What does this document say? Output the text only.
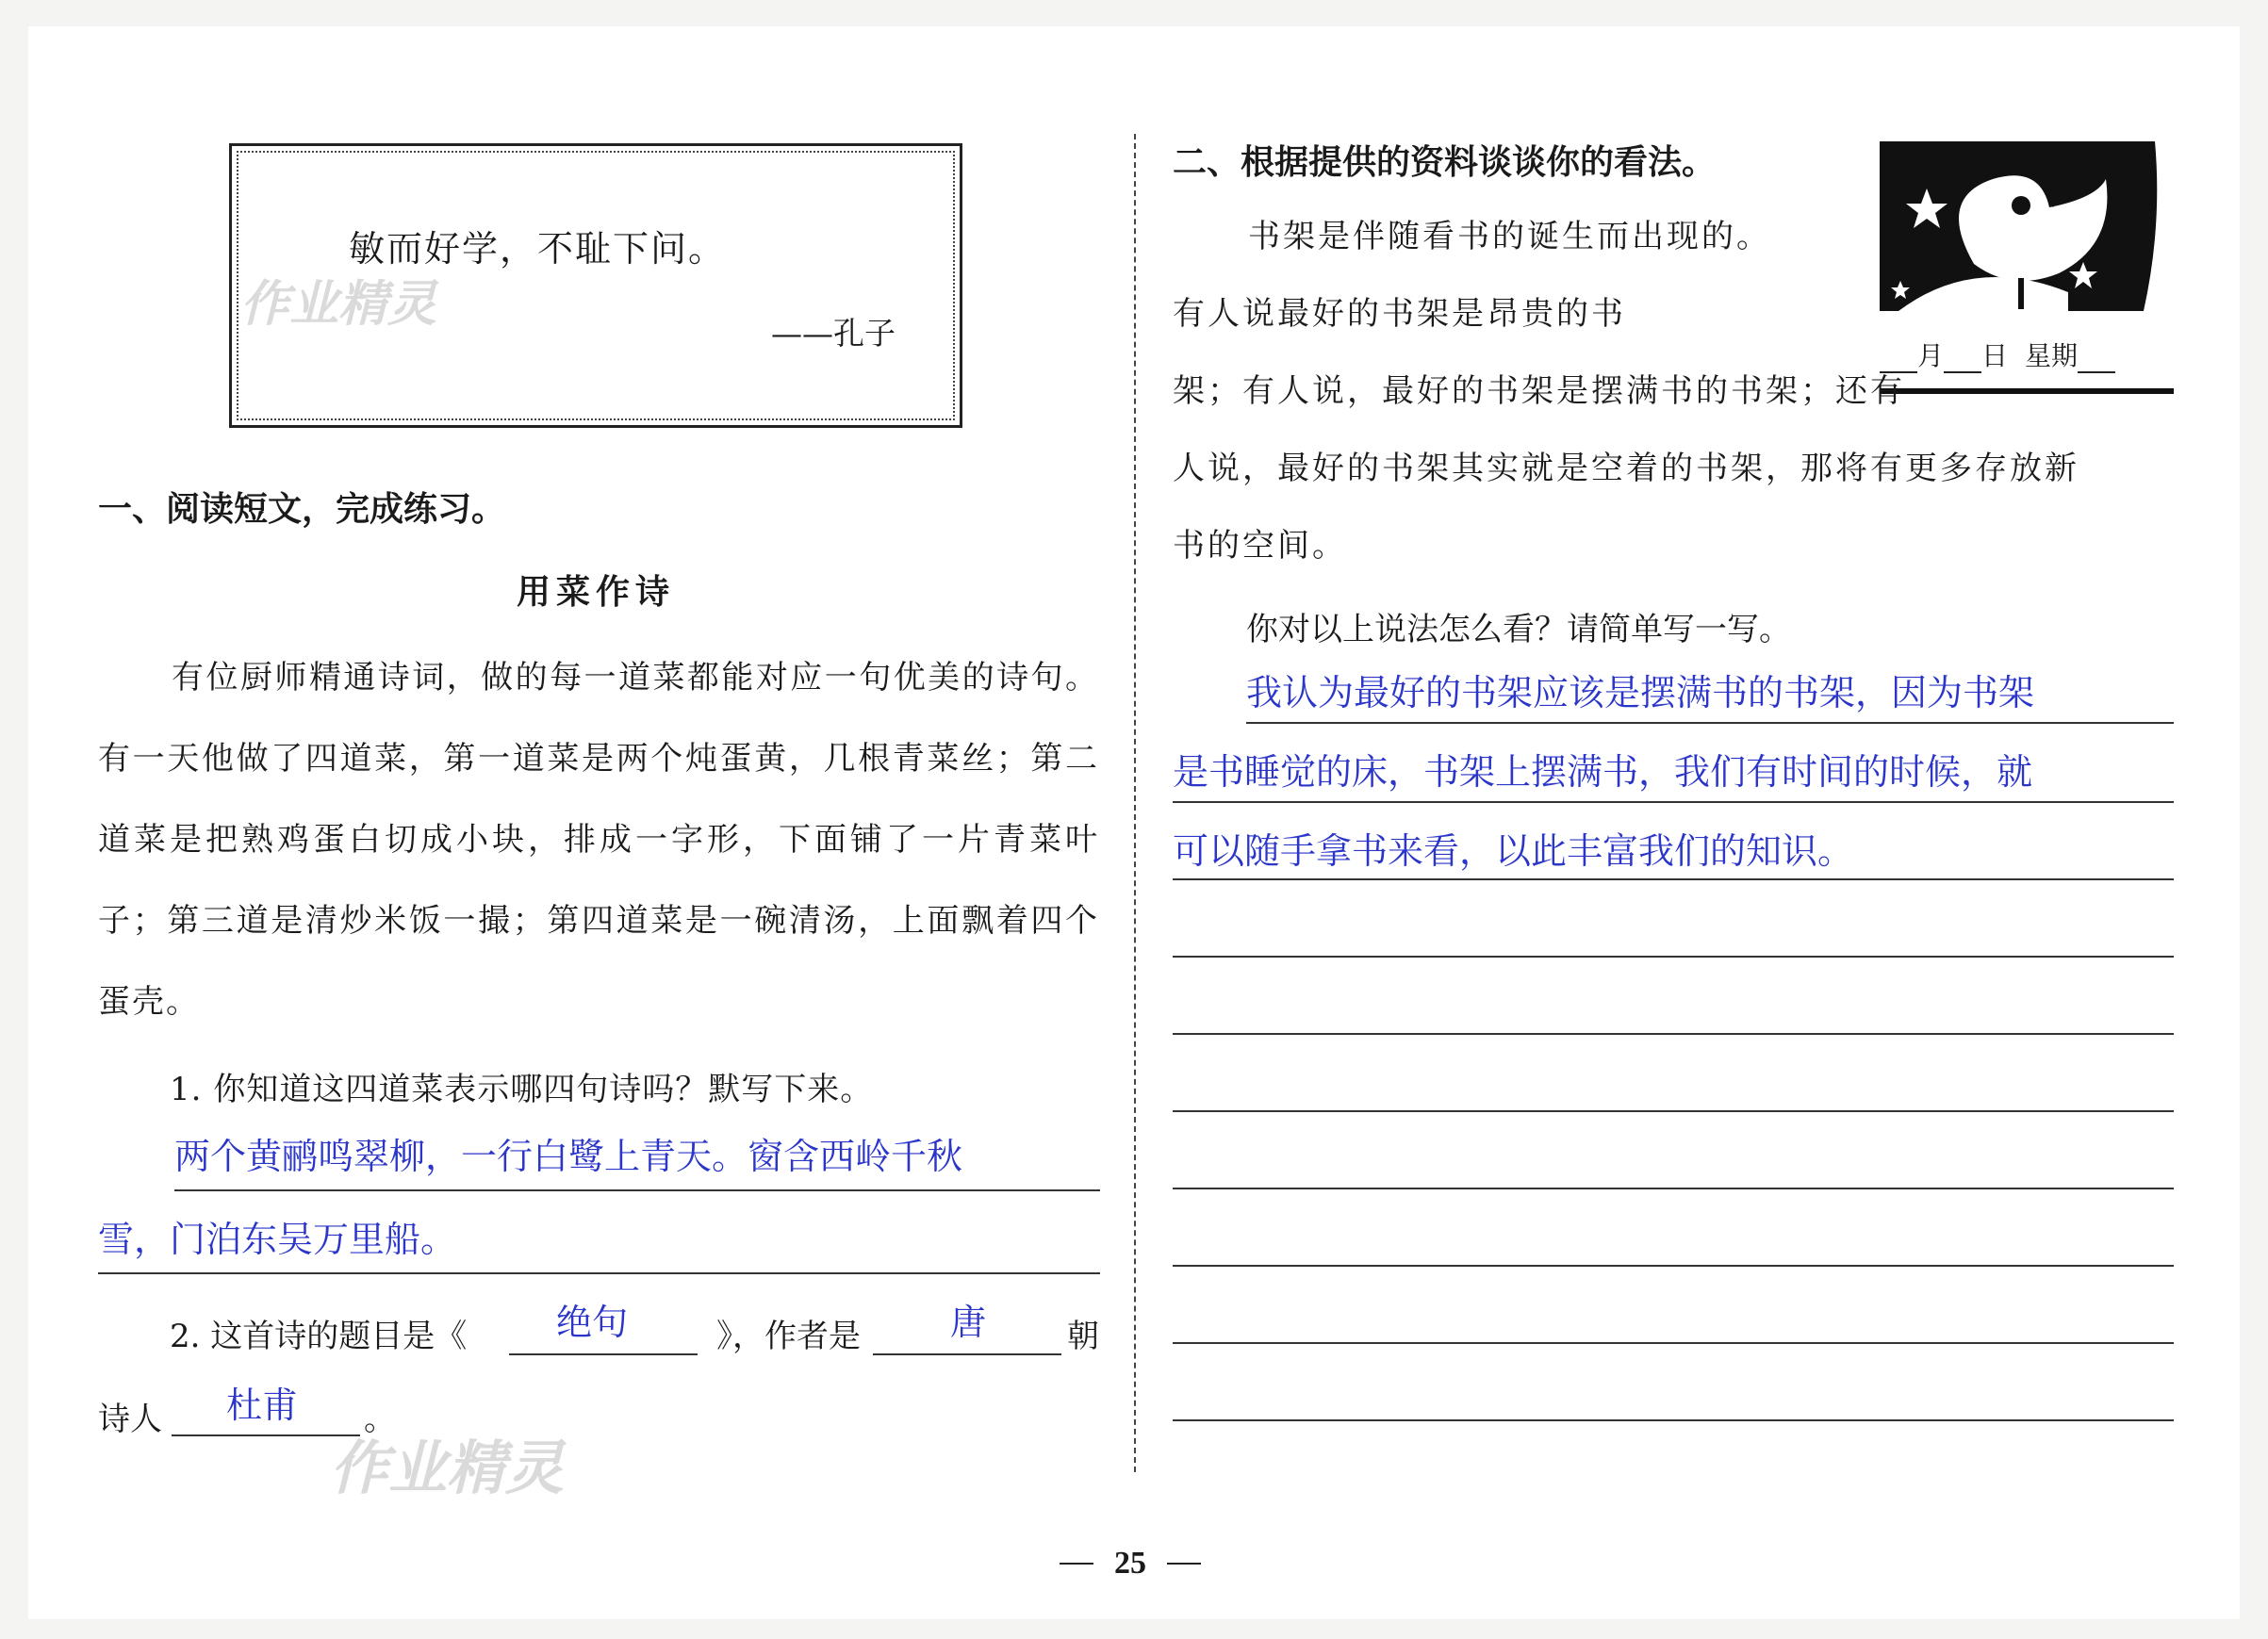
敏而好学，不耻下问。
——孔子
作业精灵
一、阅读短文，完成练习。
用菜作诗
有位厨师精通诗词，做的每一道菜都能对应一句优美的诗句。有一天他做了四道菜，第一道菜是两个炖蛋黄，几根青菜丝；第二道菜是把熟鸡蛋白切成小块，排成一字形，下面铺了一片青菜叶子；第三道是清炒米饭一撮；第四道菜是一碗清汤，上面飘着四个蛋壳。
1. 你知道这四道菜表示哪四句诗吗？默写下来。
两个黄鹂鸣翠柳，一行白鹭上青天。窗含西岭千秋
雪，门泊东吴万里船。
2. 这首诗的题目是《 绝句	》，作者是	唐	朝
诗人 杜甫 。
作业精灵
二、根据提供的资料谈谈你的看法。
月 日 星期
书架是伴随看书的诞生而出现的。
有人说最好的书架是昂贵的书
架；有人说，最好的书架是摆满书的书架；还有
人说，最好的书架其实就是空着的书架，那将有更多存放新
书的空间。
你对以上说法怎么看？请简单写一写。
我认为最好的书架应该是摆满书的书架，因为书架
是书睡觉的床，书架上摆满书，我们有时间的时候，就
可以随手拿书来看，以此丰富我们的知识。
25
